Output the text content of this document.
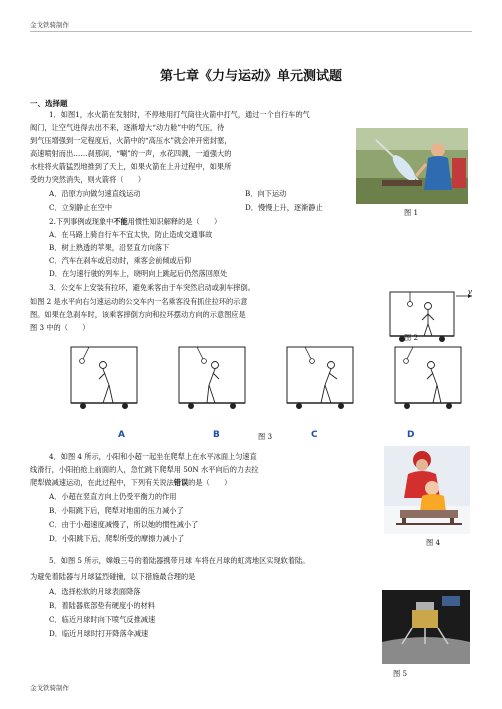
金戈铁骑制作
金戈铁骑制作
第七章《力与运动》单元测试题
一、选择题
1．如图1，水火箭在发射时，不停地用打气筒往火箭中打气，通过一个自行车的气
阀门，让空气进得去出不来，逐渐增大“动力舱”中的气压，待
到气压增强到一定程度后，火箭中的“高压水”就会冲开密封塞，
高速喷射而出……刹那间，“唰”的一声，水花四溅，一道强大的
水柱将火箭猛烈地推到了天上，如果火箭在上升过程中，如果所
受的力突然消失，则火箭将（　　）
A．沿原方向做匀速直线运动	B．向下运动
C．立刻静止在空中	D．慢慢上升，逐渐静止
图 1
2.下列事例或现象中不能用惯性知识解释的是（　　）
A．在马路上骑自行车不宜太快，防止造成交通事故
B．树上熟透的苹果，沿竖直方向落下
C．汽车在刹车或启动时，乘客会前倾或后仰
D．在匀速行驶的列车上，晓明向上跳起后仍然落回原处
3．公交车上安装有拉环，避免乘客由于车突然启动或刹车摔倒。
如图 2 是水平向右匀速运动的公交车内一名乘客没有抓住拉环的示意
图。如果在急刹车时，该乘客摔倒方向和拉环摆动方向的示意图应是
图 3 中的（　　）
v
图 2
A	B	图 3	C	D
4．如图 4 所示，小阳和小超一起坐在爬犁上在水平冰面上匀速直
线滑行，小阳拍抢上前面的人，急忙跳下爬犁用 50N 水平向后的力去拉
爬犁做减速运动，在此过程中，下列有关说法错误的是（　　）
A．小超在竖直方向上仍受平衡力的作用
B．小阳跳下后，爬犁对地面的压力减小了
C．由于小超速度减慢了，所以她的惯性减小了
D．小阳跳下后，爬犁所受的摩擦力减小了	图 4
5．如图 5 所示，嫦娥三号的着陆器携带月球 车将在月球的虹湾地区实现软着陆。
为避免着陆器与月球猛烈碰撞，以下措施最合理的是
A．选择松软的月球表面降落
B．着陆器底部垫有硬度小的材料
C．临近月球时向下喷气反推减速
D．临近月球时打开降落伞减速
图 5
